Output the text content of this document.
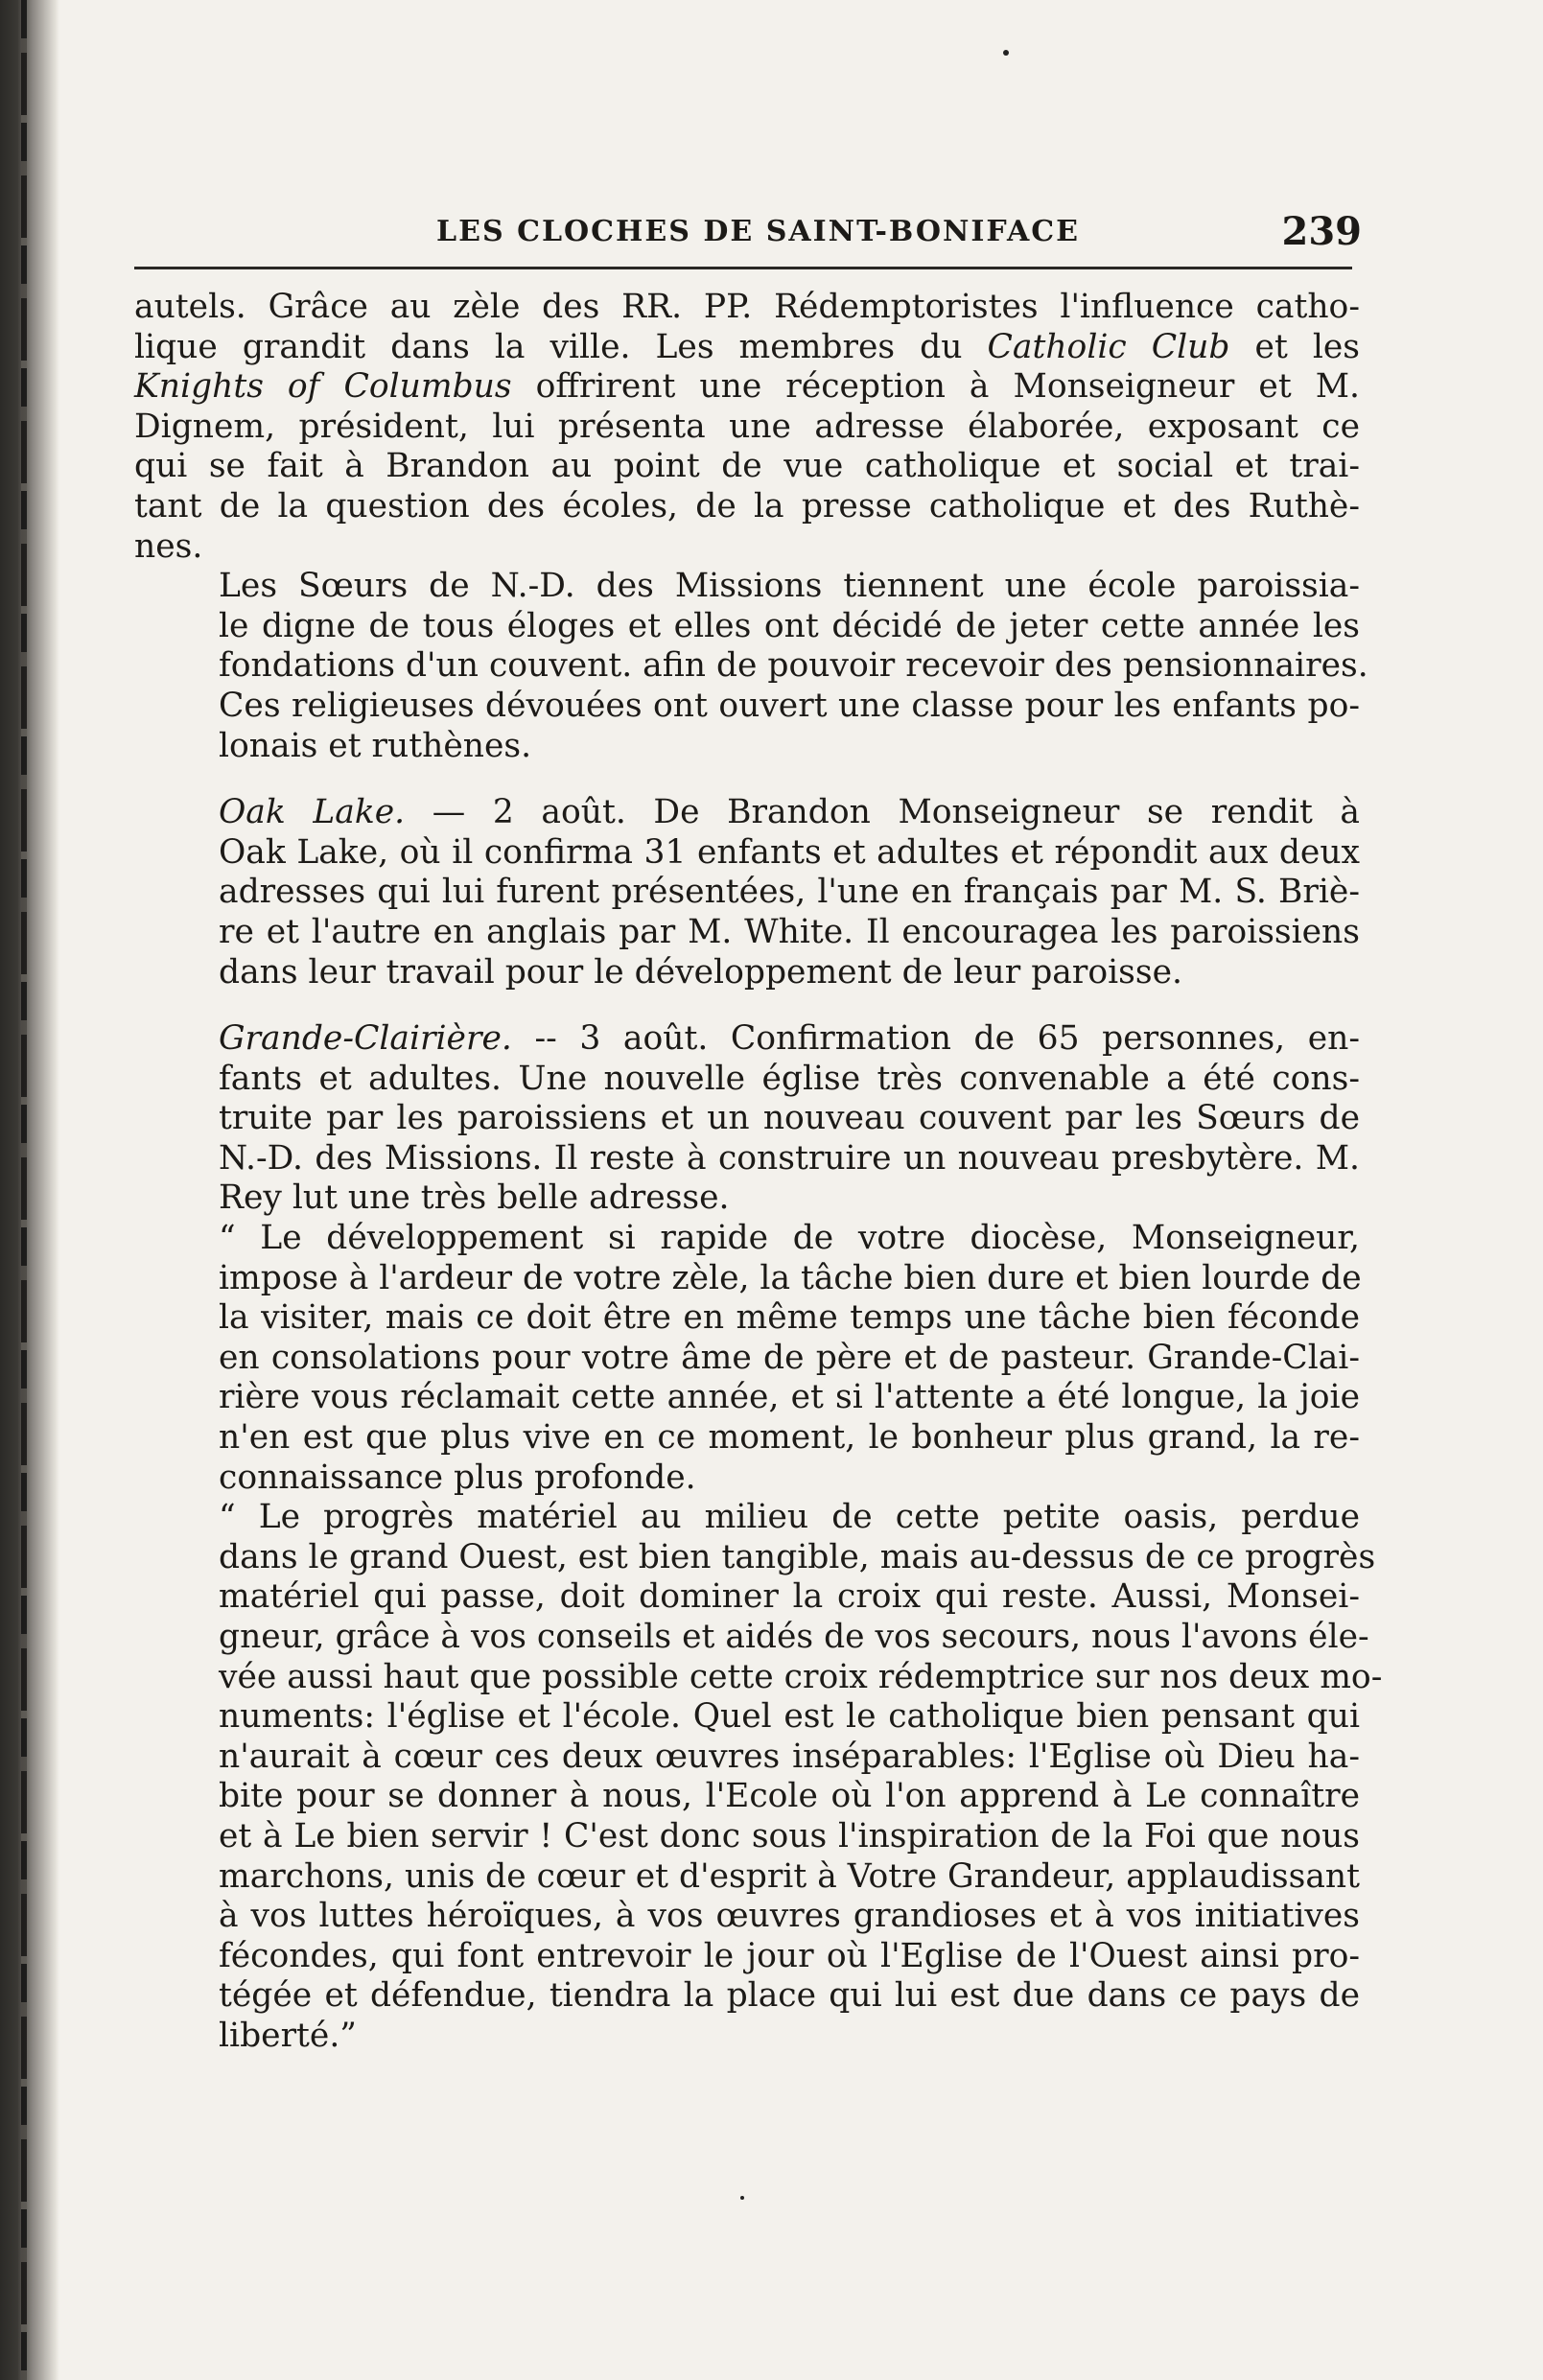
LES CLOCHES DE SAINT-BONIFACE	239

autels. Grâce au zèle des RR. PP. Rédemptoristes l'influence catho-
lique grandit dans la ville. Les membres du Catholic Club et les
Knights of Columbus offrirent une réception à Monseigneur et M.
Dignem, président, lui présenta une adresse élaborée, exposant ce
qui se fait à Brandon au point de vue catholique et social et trai-
tant de la question des écoles, de la presse catholique et des Ruthè-
nes.

Les Sœurs de N.-D. des Missions tiennent une école paroissia-
le digne de tous éloges et elles ont décidé de jeter cette année les
fondations d'un couvent. afin de pouvoir recevoir des pensionnaires.
Ces religieuses dévouées ont ouvert une classe pour les enfants po-
lonais et ruthènes.

Oak Lake. — 2 août. De Brandon Monseigneur se rendit à
Oak Lake, où il confirma 31 enfants et adultes et répondit aux deux
adresses qui lui furent présentées, l'une en français par M. S. Briè-
re et l'autre en anglais par M. White. Il encouragea les paroissiens
dans leur travail pour le développement de leur paroisse.

Grande-Clairière. -- 3 août. Confirmation de 65 personnes, en-
fants et adultes. Une nouvelle église très convenable a été cons-
truite par les paroissiens et un nouveau couvent par les Sœurs de
N.-D. des Missions. Il reste à construire un nouveau presbytère. M.
Rey lut une très belle adresse.

“ Le développement si rapide de votre diocèse, Monseigneur,
impose à l'ardeur de votre zèle, la tâche bien dure et bien lourde de
la visiter, mais ce doit être en même temps une tâche bien féconde
en consolations pour votre âme de père et de pasteur. Grande-Clai-
rière vous réclamait cette année, et si l'attente a été longue, la joie
n'en est que plus vive en ce moment, le bonheur plus grand, la re-
connaissance plus profonde.

“ Le progrès matériel au milieu de cette petite oasis, perdue
dans le grand Ouest, est bien tangible, mais au-dessus de ce progrès
matériel qui passe, doit dominer la croix qui reste. Aussi, Monsei-
gneur, grâce à vos conseils et aidés de vos secours, nous l'avons éle-
vée aussi haut que possible cette croix rédemptrice sur nos deux mo-
numents: l'église et l'école. Quel est le catholique bien pensant qui
n'aurait à cœur ces deux œuvres inséparables: l'Eglise où Dieu ha-
bite pour se donner à nous, l'Ecole où l'on apprend à Le connaître
et à Le bien servir ! C'est donc sous l'inspiration de la Foi que nous
marchons, unis de cœur et d'esprit à Votre Grandeur, applaudissant
à vos luttes héroïques, à vos œuvres grandioses et à vos initiatives
fécondes, qui font entrevoir le jour où l'Eglise de l'Ouest ainsi pro-
tégée et défendue, tiendra la place qui lui est due dans ce pays de
liberté.”
